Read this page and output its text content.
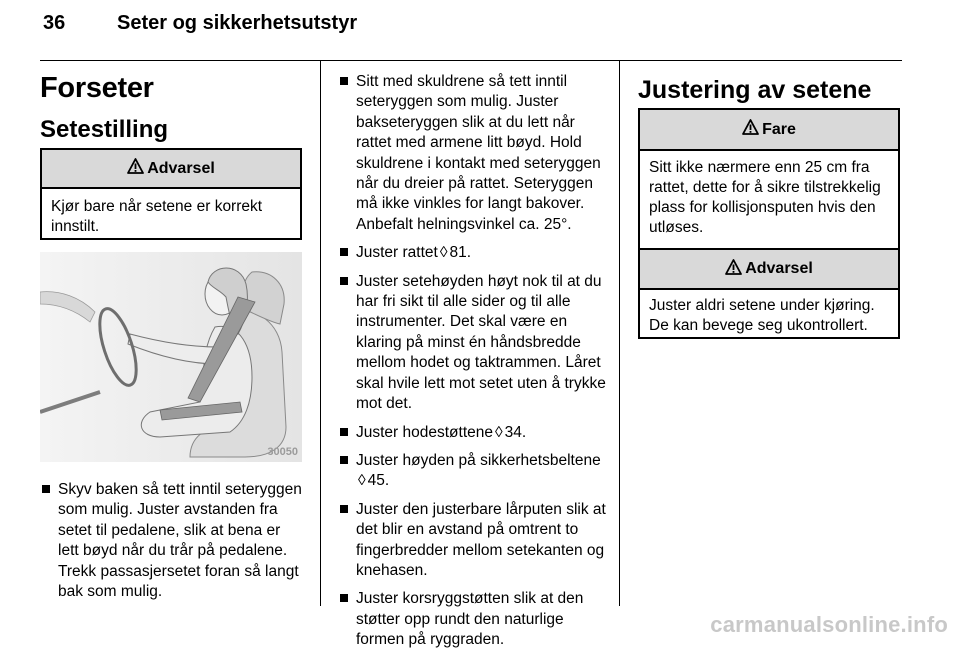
36	Seter og sikkerhetsutstyr
Forseter
Setestilling
Advarsel
Kjør bare når setene er korrekt innstilt.
30050
Skyv baken så tett inntil seteryggen som mulig. Juster avstanden fra setet til pedalene, slik at bena er lett bøyd når du trår på pedalene. Trekk passasjersetet foran så langt bak som mulig.
Sitt med skuldrene så tett inntil seteryggen som mulig. Juster bakseteryggen slik at du lett når rattet med armene litt bøyd. Hold skuldrene i kontakt med seteryggen når du dreier på rattet. Seteryggen må ikke vinkles for langt bakover. Anbefalt helningsvinkel ca. 25°.
Juster rattet ◊ 81.
Juster setehøyden høyt nok til at du har fri sikt til alle sider og til alle instrumenter. Det skal være en klaring på minst én håndsbredde mellom hodet og taktrammen. Låret skal hvile lett mot setet uten å trykke mot det.
Juster hodestøttene ◊ 34.
Juster høyden på sikkerhetsbeltene◊ 45.
Juster den justerbare lårputen slik at det blir en avstand på omtrent to fingerbredder mellom setekanten og knehasen.
Juster korsryggstøtten slik at den støtter opp rundt den naturlige formen på ryggraden.
Justering av setene
Fare
Sitt ikke nærmere enn 25 cm fra rattet, dette for å sikre tilstrekkelig plass for kollisjonsputen hvis den utløses.
Advarsel
Juster aldri setene under kjøring. De kan bevege seg ukontrollert.
carmanualsonline.info
